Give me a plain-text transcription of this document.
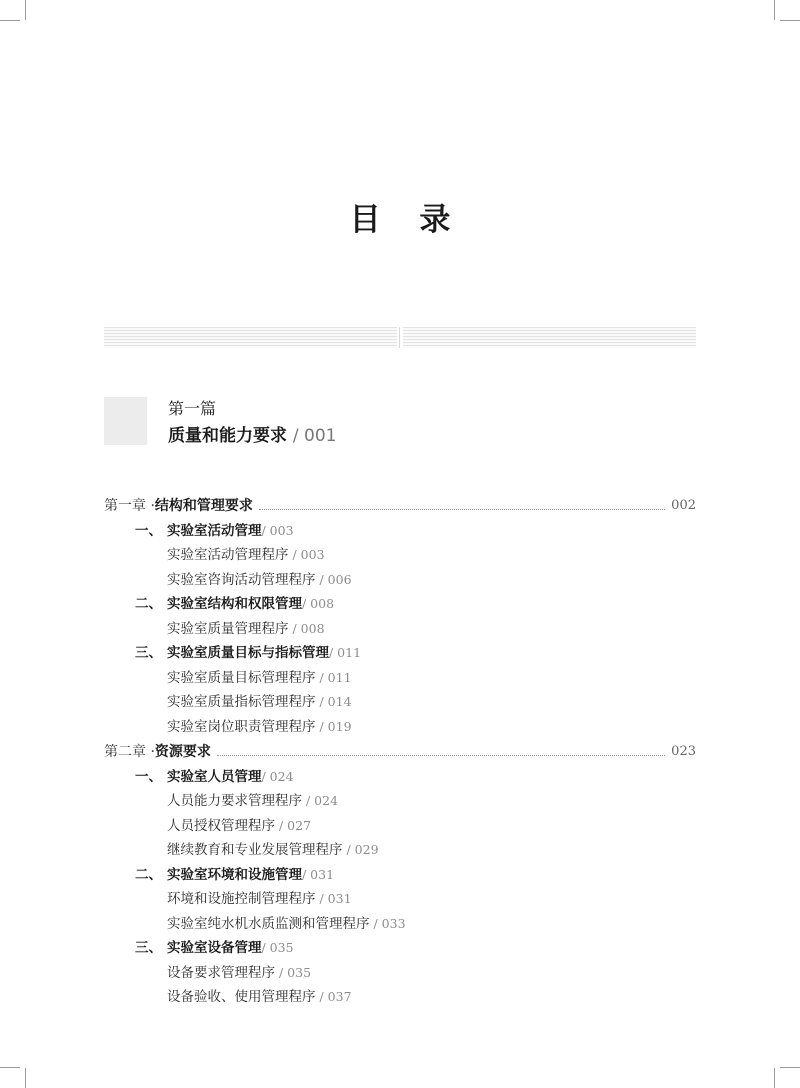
目 录
第一篇
质量和能力要求 / 001
第一章 · 结构和管理要求	002
一、 实验室活动管理/ 003
实验室活动管理程序 / 003
实验室咨询活动管理程序 / 006
二、 实验室结构和权限管理/ 008
实验室质量管理程序 / 008
三、 实验室质量目标与指标管理/ 011
实验室质量目标管理程序 / 011
实验室质量指标管理程序 / 014
实验室岗位职责管理程序 / 019
第二章 · 资源要求	023
一、 实验室人员管理/ 024
人员能力要求管理程序 / 024
人员授权管理程序 / 027
继续教育和专业发展管理程序 / 029
二、 实验室环境和设施管理/ 031
环境和设施控制管理程序 / 031
实验室纯水机水质监测和管理程序 / 033
三、 实验室设备管理/ 035
设备要求管理程序 / 035
设备验收、使用管理程序 / 037
